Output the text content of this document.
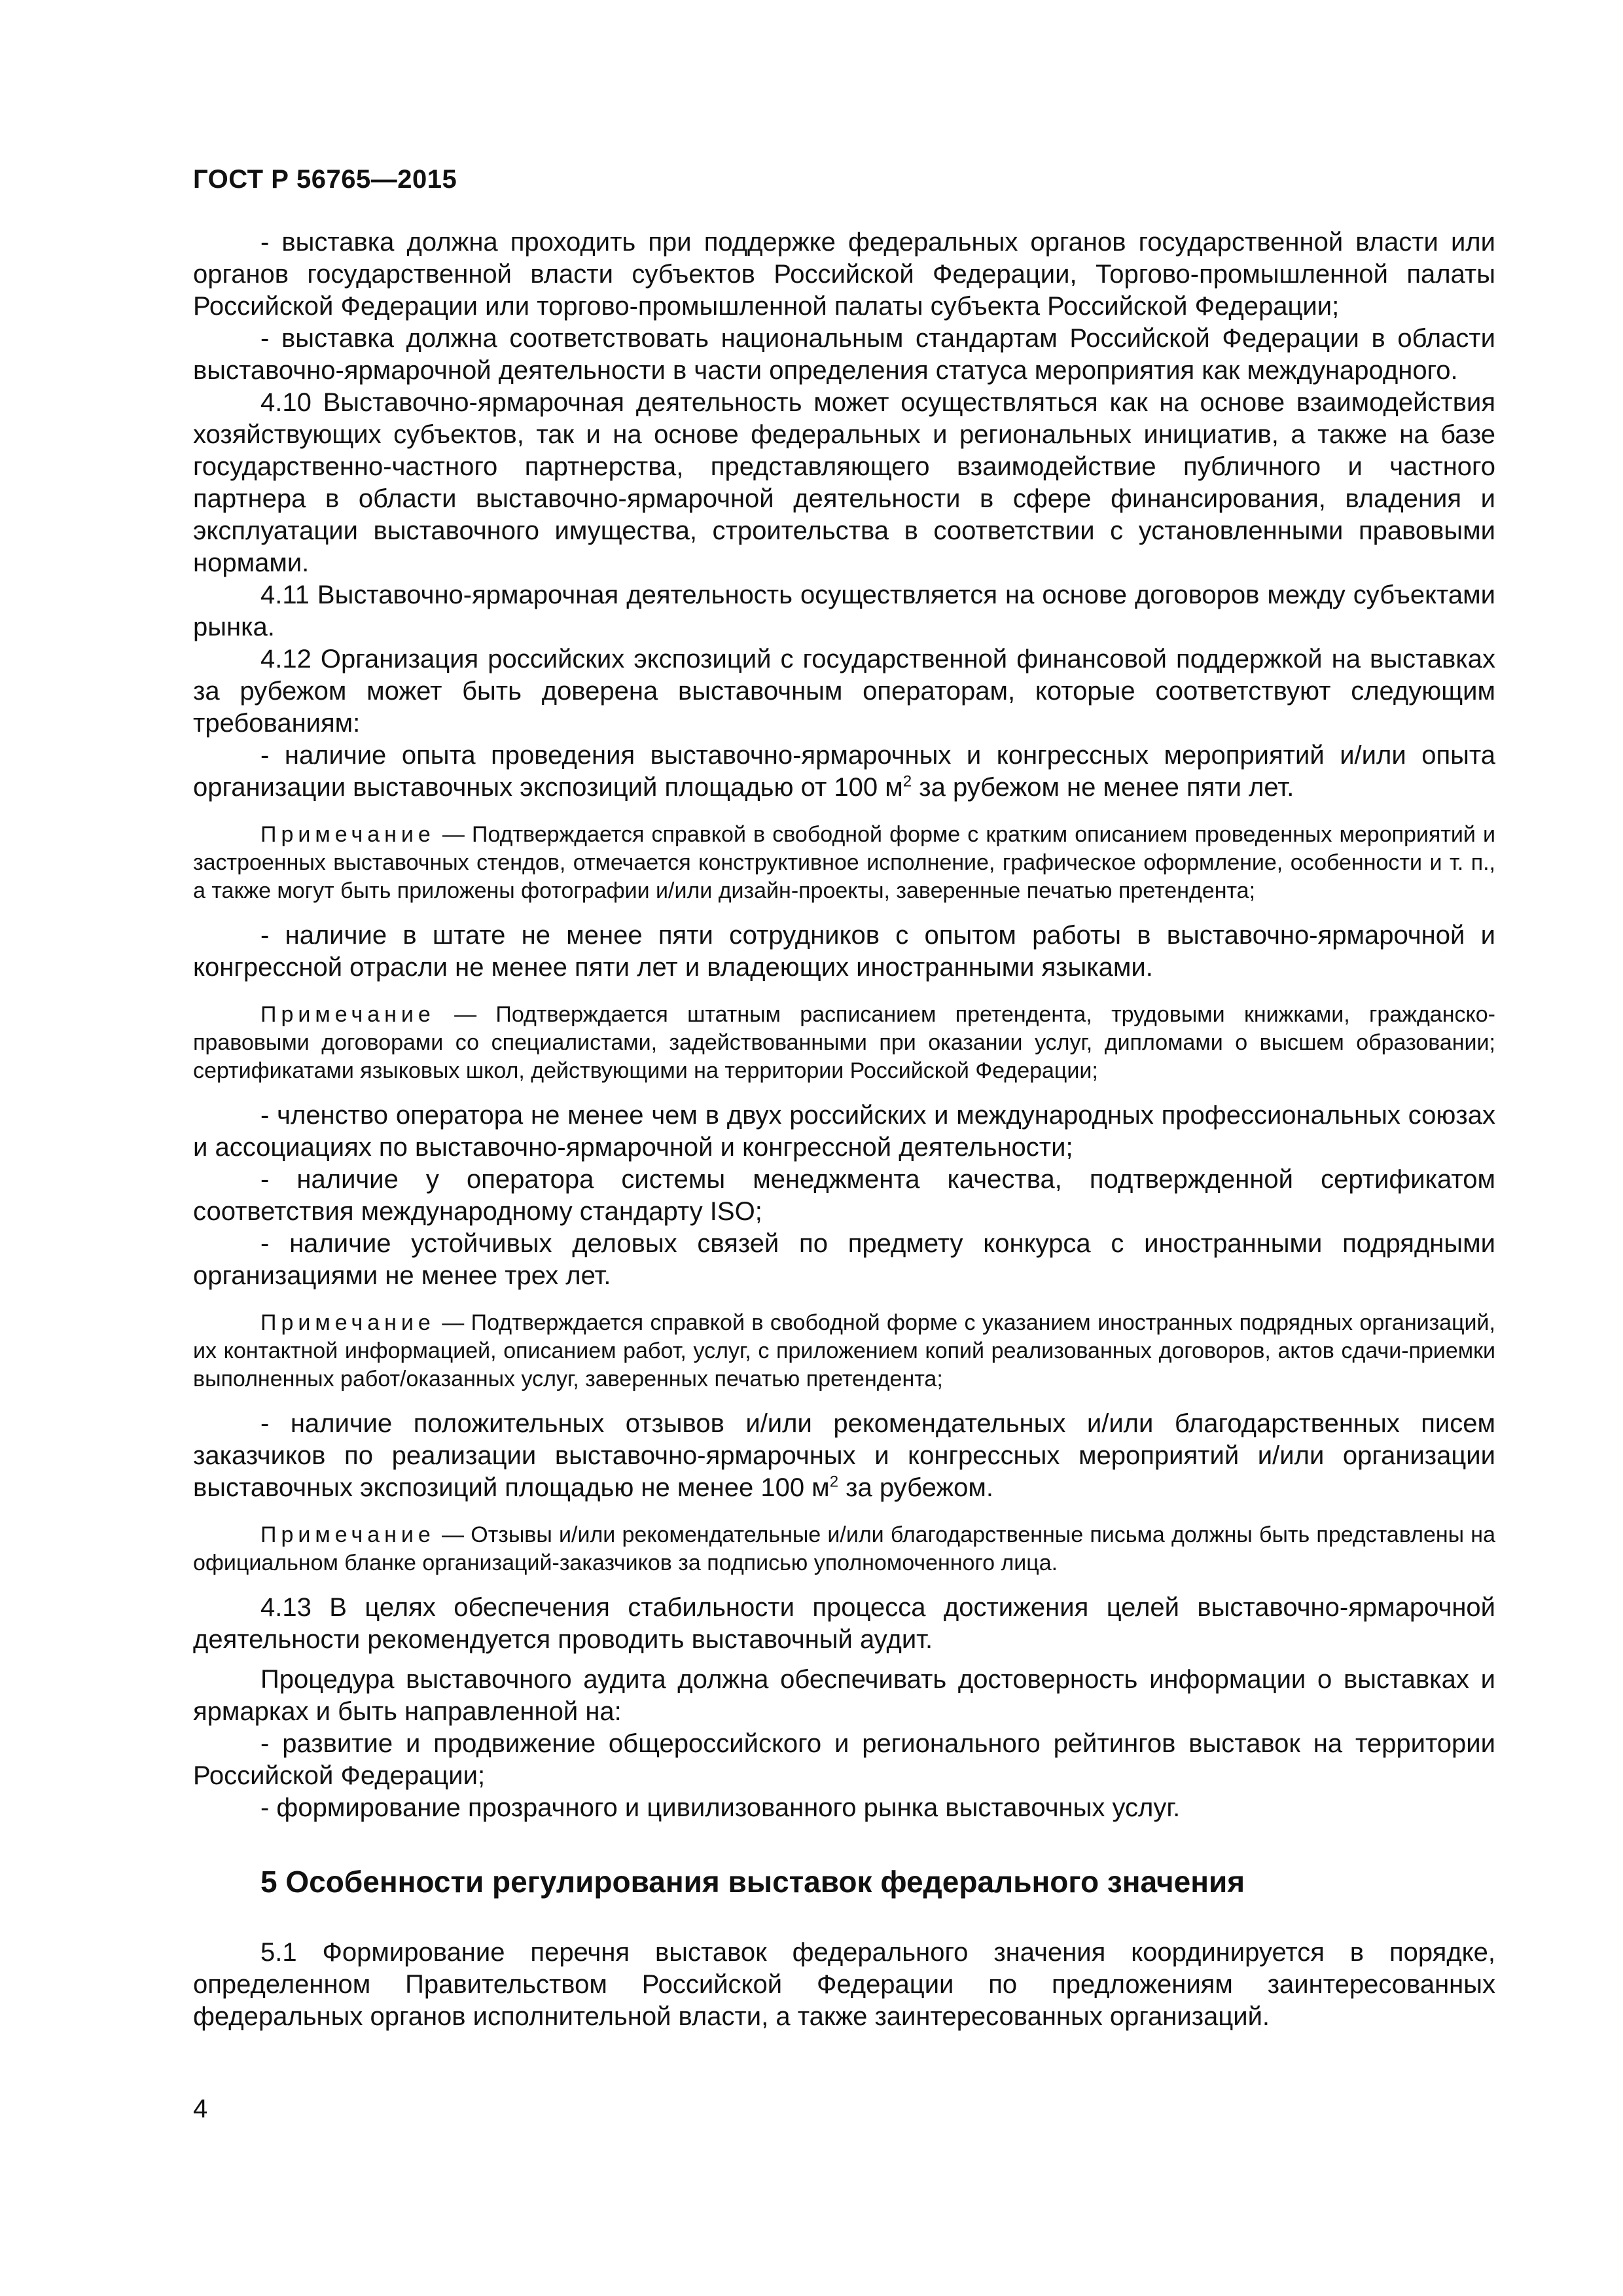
ГОСТ Р 56765—2015

- выставка должна проходить при поддержке федеральных органов государственной власти или органов государственной власти субъектов Российской Федерации, Торгово-промышленной палаты Российской Федерации или торгово-промышленной палаты субъекта Российской Федерации;

- выставка должна соответствовать национальным стандартам Российской Федерации в области выставочно-ярмарочной деятельности в части определения статуса мероприятия как международного.

4.10 Выставочно-ярмарочная деятельность может осуществляться как на основе взаимодействия хозяйствующих субъектов, так и на основе федеральных и региональных инициатив, а также на базе государственно-частного партнерства, представляющего взаимодействие публичного и частного партнера в области выставочно-ярмарочной деятельности в сфере финансирования, владения и эксплуатации выставочного имущества, строительства в соответствии с установленными правовыми нормами.

4.11 Выставочно-ярмарочная деятельность осуществляется на основе договоров между субъектами рынка.

4.12 Организация российских экспозиций с государственной финансовой поддержкой на выставках за рубежом может быть доверена выставочным операторам, которые соответствуют следующим требованиям:

- наличие опыта проведения выставочно-ярмарочных и конгрессных мероприятий и/или опыта организации выставочных экспозиций площадью от 100 $м^2$ за рубежом не менее пяти лет.

Примечание — Подтверждается справкой в свободной форме с кратким описанием проведенных мероприятий и застроенных выставочных стендов, отмечается конструктивное исполнение, графическое оформление, особенности и т. п., а также могут быть приложены фотографии и/или дизайн-проекты, заверенные печатью претендента;

- наличие в штате не менее пяти сотрудников с опытом работы в выставочно-ярмарочной и конгрессной отрасли не менее пяти лет и владеющих иностранными языками.

Примечание — Подтверждается штатным расписанием претендента, трудовыми книжками, гражданско-правовыми договорами со специалистами, задействованными при оказании услуг, дипломами о высшем образовании; сертификатами языковых школ, действующими на территории Российской Федерации;

- членство оператора не менее чем в двух российских и международных профессиональных союзах и ассоциациях по выставочно-ярмарочной и конгрессной деятельности;

- наличие у оператора системы менеджмента качества, подтвержденной сертификатом соответствия международному стандарту ISO;

- наличие устойчивых деловых связей по предмету конкурса с иностранными подрядными организациями не менее трех лет.

Примечание — Подтверждается справкой в свободной форме с указанием иностранных подрядных организаций, их контактной информацией, описанием работ, услуг, с приложением копий реализованных договоров, актов сдачи-приемки выполненных работ/оказанных услуг, заверенных печатью претендента;

- наличие положительных отзывов и/или рекомендательных и/или благодарственных писем заказчиков по реализации выставочно-ярмарочных и конгрессных мероприятий и/или организации выставочных экспозиций площадью не менее 100 $м^2$ за рубежом.

Примечание — Отзывы и/или рекомендательные и/или благодарственные письма должны быть представлены на официальном бланке организаций-заказчиков за подписью уполномоченного лица.

4.13 В целях обеспечения стабильности процесса достижения целей выставочно-ярмарочной деятельности рекомендуется проводить выставочный аудит.

Процедура выставочного аудита должна обеспечивать достоверность информации о выставках и ярмарках и быть направленной на:

- развитие и продвижение общероссийского и регионального рейтингов выставок на территории Российской Федерации;

- формирование прозрачного и цивилизованного рынка выставочных услуг.

5 Особенности регулирования выставок федерального значения

5.1 Формирование перечня выставок федерального значения координируется в порядке, определенном Правительством Российской Федерации по предложениям заинтересованных федеральных органов исполнительной власти, а также заинтересованных организаций.

4
